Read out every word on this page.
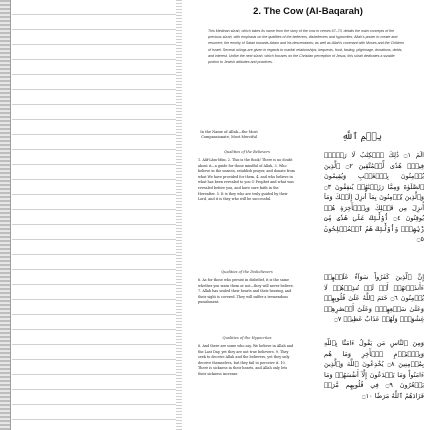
2. The Cow (Al-Baqarah)
This Medinan sūrah, which takes its name from the story of the cow in verses 67–73, details the main concepts of the previous sūrah, with emphasis on the qualities of the believers, disbelievers and hypocrites; Allah's power to create and resurrect; the enmity of Satan towards Adam and his descendants; as well as Allah's covenant with Moses and the Children of Israel. Several rulings are given in regards to marital relationships, bequests, food, fasting, pilgrimage, donations, debts, and interest. Unlike the next sūrah, which focuses on the Christian perception of Jesus, this sūrah dedicates a sizable portion to Jewish attitudes and practices.
In the Name of Allah—the Most Compassionate, Most Merciful	بِسۡمِ ٱللَّهِ
Qualities of the Believers
1. Alif-Lām-Mīm. 2. This is the Book! There is no doubt about it—a guide for those mindful of Allah, 3. Who believe in the unseen, establish prayer, and donate from what We have provided for them, 4. and who believe in what has been revealed to you O Prophet and what was revealed before you, and have sure faith in the Hereafter. 5. It is they who are truly guided by their Lord, and it is they who will be successful.
Qualities of the Disbelievers
6. As for those who persist in disbelief, it is the same whether you warn them or not—they will never believe. 7. Allah has sealed their hearts and their hearing, and their sight is covered. They will suffer a tremendous punishment.
Qualities of the Hypocrites
8. And there are some who say, We believe in Allah and the Last Day, yet they are not true believers. 9. They seek to deceive Allah and the believers, yet they only deceive themselves, but they fail to perceive it. 10. There is sickness in their hearts, and Allah only lets their sickness increase.
الٓمٓ ۝١ ذَٰلِكَ ٱلۡكِتَٰبُ لَا رَيۡبَۛ فِيهِۛ هُدٗى لِّلۡمُتَّقِينَ ۝٢ ٱلَّذِينَ يُؤۡمِنُونَ بِٱلۡغَيۡبِ وَيُقِيمُونَ ٱلصَّلَوٰةَ وَمِمَّا رَزَقۡنَٰهُمۡ يُنفِقُونَ ۝٣ وَٱلَّذِينَ يُؤۡمِنُونَ بِمَآ أُنزِلَ إِلَيۡكَ وَمَآ أُنزِلَ مِن قَبۡلِكَ وَبِٱلۡأٓخِرَةِ هُمۡ يُوقِنُونَ ۝٤ أُوْلَٰٓئِكَ عَلَىٰ هُدٗى مِّن رَّبِّهِمۡۖ وَأُوْلَٰٓئِكَ هُمُ ٱلۡمُفۡلِحُونَ ۝٥
إِنَّ ٱلَّذِينَ كَفَرُواْ سَوَآءٌ عَلَيۡهِمۡ ءَأَنذَرۡتَهُمۡ أَمۡ لَمۡ تُنذِرۡهُمۡ لَا يُؤۡمِنُونَ ۝٦ خَتَمَ ٱللَّهُ عَلَىٰ قُلُوبِهِمۡ وَعَلَىٰ سَمۡعِهِمۡۖ وَعَلَىٰٓ أَبۡصَٰرِهِمۡ غِشَٰوَةٞۖ وَلَهُمۡ عَذَابٌ عَظِيمٞ ۝٧
وَمِنَ ٱلنَّاسِ مَن يَقُولُ ءَامَنَّا بِٱللَّهِ وَبِٱلۡيَوۡمِ ٱلۡأٓخِرِ وَمَا هُم بِمُؤۡمِنِينَ ۝٨ يُخَٰدِعُونَ ٱللَّهَ وَٱلَّذِينَ ءَامَنُواْ وَمَا يَخۡدَعُونَ إِلَّآ أَنفُسَهُمۡ وَمَا يَشۡعُرُونَ ۝٩ فِي قُلُوبِهِم مَّرَضٞ فَزَادَهُمُ ٱللَّهُ مَرَضٗا ۝١٠
